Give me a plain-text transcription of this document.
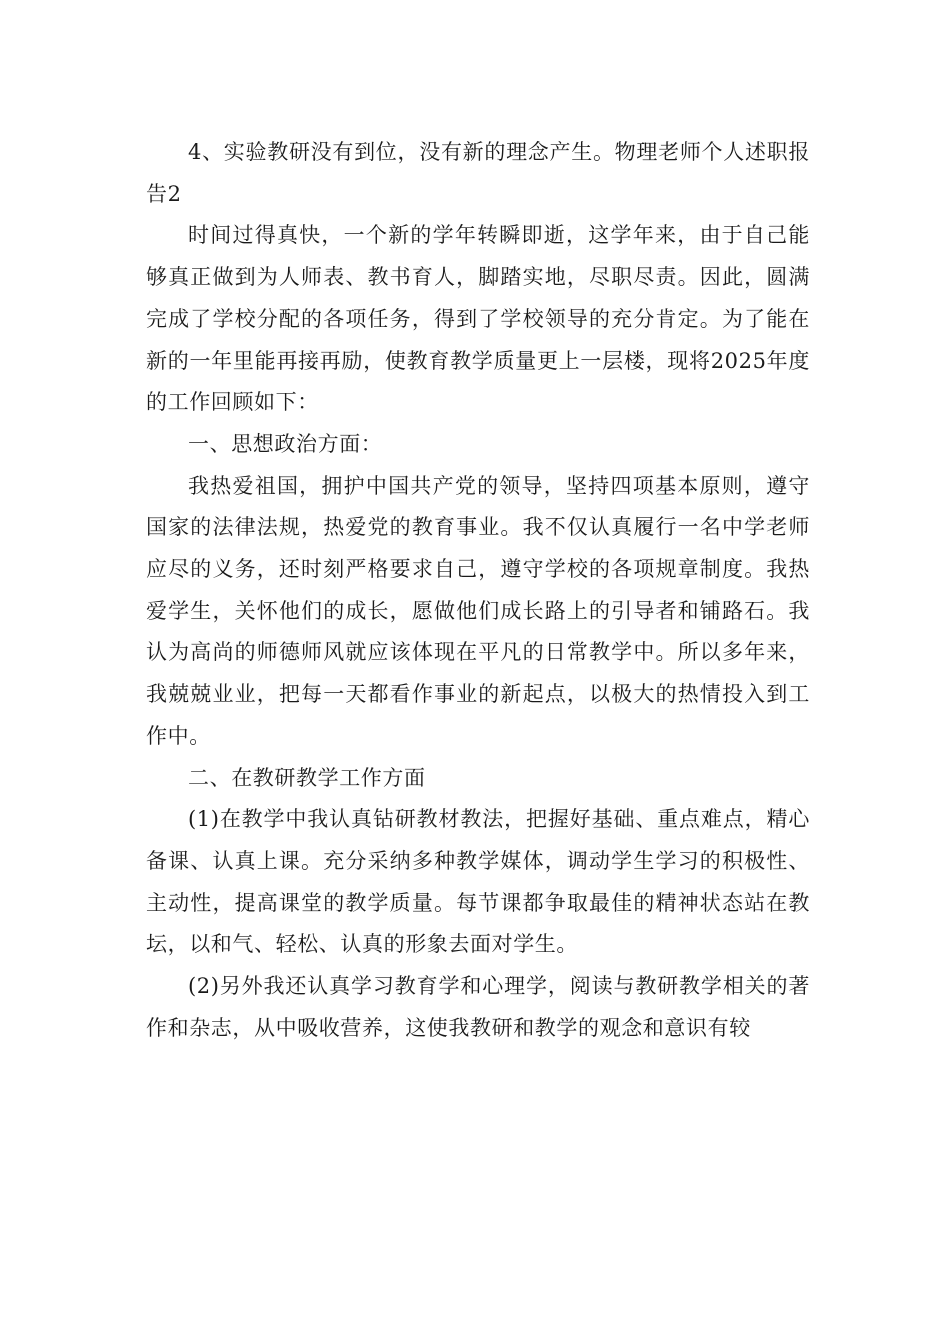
4、实验教研没有到位，没有新的理念产生。物理老师个人述职报告2

时间过得真快，一个新的学年转瞬即逝，这学年来，由于自己能够真正做到为人师表、教书育人，脚踏实地，尽职尽责。因此，圆满完成了学校分配的各项任务，得到了学校领导的充分肯定。为了能在新的一年里能再接再励，使教育教学质量更上一层楼，现将2025年度的工作回顾如下：

一、思想政治方面：

我热爱祖国，拥护中国共产党的领导，坚持四项基本原则，遵守国家的法律法规，热爱党的教育事业。我不仅认真履行一名中学老师应尽的义务，还时刻严格要求自己，遵守学校的各项规章制度。我热爱学生，关怀他们的成长，愿做他们成长路上的引导者和铺路石。我认为高尚的师德师风就应该体现在平凡的日常教学中。所以多年来，我兢兢业业，把每一天都看作事业的新起点，以极大的热情投入到工作中。

二、在教研教学工作方面

(1)在教学中我认真钻研教材教法，把握好基础、重点难点，精心备课、认真上课。充分采纳多种教学媒体，调动学生学习的积极性、主动性，提高课堂的教学质量。每节课都争取最佳的精神状态站在教坛，以和气、轻松、认真的形象去面对学生。

(2)另外我还认真学习教育学和心理学，阅读与教研教学相关的著作和杂志，从中吸收营养，这使我教研和教学的观念和意识有较
